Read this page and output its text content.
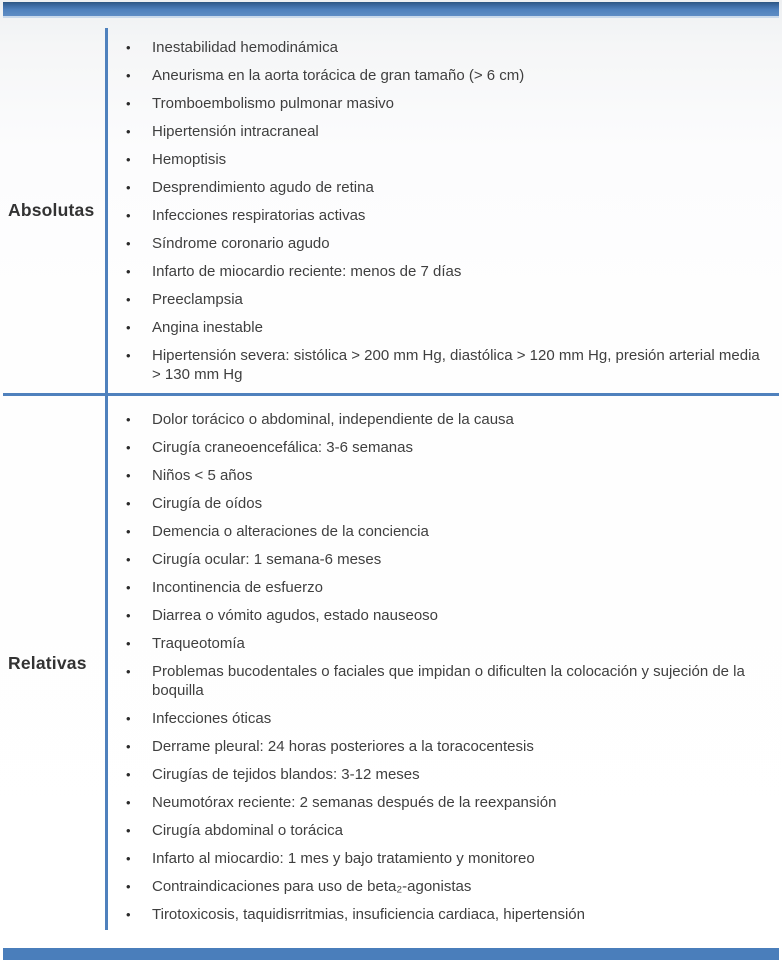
Absolutas
•	Inestabilidad hemodinámica
•	Aneurisma en la aorta torácica de gran tamaño (> 6 cm)
•	Tromboembolismo pulmonar masivo
•	Hipertensión intracraneal
•	Hemoptisis
•	Desprendimiento agudo de retina
•	Infecciones respiratorias activas
•	Síndrome coronario agudo
•	Infarto de miocardio reciente: menos de 7 días
•	Preeclampsia
•	Angina inestable
•	Hipertensión severa: sistólica > 200 mm Hg, diastólica > 120 mm Hg, presión arterial media > 130 mm Hg
Relativas
•	Dolor torácico o abdominal, independiente de la causa
•	Cirugía craneoencefálica: 3-6 semanas
•	Niños < 5 años
•	Cirugía de oídos
•	Demencia o alteraciones de la conciencia
•	Cirugía ocular: 1 semana-6 meses
•	Incontinencia de esfuerzo
•	Diarrea o vómito agudos, estado nauseoso
•	Traqueotomía
•	Problemas bucodentales o faciales que impidan o dificulten la colocación y sujeción de la boquilla
•	Infecciones óticas
•	Derrame pleural: 24 horas posteriores a la toracocentesis
•	Cirugías de tejidos blandos: 3-12 meses
•	Neumotórax reciente: 2 semanas después de la reexpansión
•	Cirugía abdominal o torácica
•	Infarto al miocardio: 1 mes y bajo tratamiento y monitoreo
•	Contraindicaciones para uso de beta₂-agonistas
•	Tirotoxicosis, taquidisrritmias, insuficiencia cardiaca, hipertensión
